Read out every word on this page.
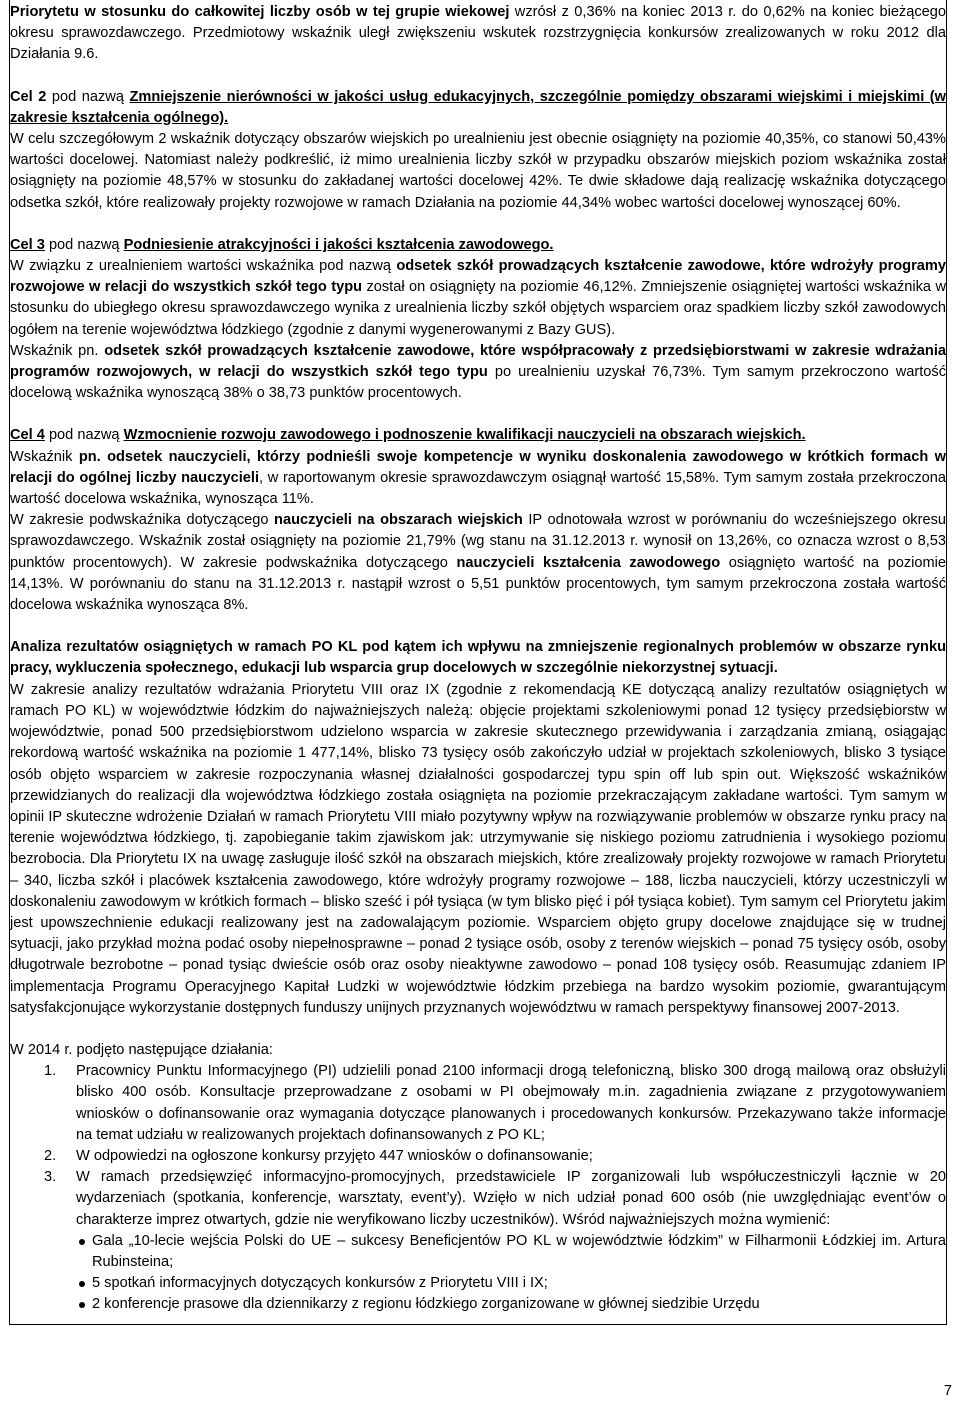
Priorytetu w stosunku do całkowitej liczby osób w tej grupie wiekowej wzrósł z 0,36% na koniec 2013 r. do 0,62% na koniec bieżącego okresu sprawozdawczego. Przedmiotowy wskaźnik uległ zwiększeniu wskutek rozstrzygnięcia konkursów zrealizowanych w roku 2012 dla Działania 9.6.

Cel 2 pod nazwą Zmniejszenie nierówności w jakości usług edukacyjnych, szczególnie pomiędzy obszarami wiejskimi i miejskimi (w zakresie kształcenia ogólnego).

W celu szczegółowym 2 wskaźnik dotyczący obszarów wiejskich po urealnieniu jest obecnie osiągnięty na poziomie 40,35%, co stanowi 50,43% wartości docelowej. Natomiast należy podkreślić, iż mimo urealnienia liczby szkół w przypadku obszarów miejskich poziom wskaźnika został osiągnięty na poziomie 48,57% w stosunku do zakładanej wartości docelowej 42%. Te dwie składowe dają realizację wskaźnika dotyczącego odsetka szkół, które realizowały projekty rozwojowe w ramach Działania na poziomie 44,34% wobec wartości docelowej wynoszącej 60%.

Cel 3 pod nazwą Podniesienie atrakcyjności i jakości kształcenia zawodowego.

W związku z urealnieniem wartości wskaźnika pod nazwą odsetek szkół prowadzących kształcenie zawodowe, które wdrożyły programy rozwojowe w relacji do wszystkich szkół tego typu został on osiągnięty na poziomie 46,12%. Zmniejszenie osiągniętej wartości wskaźnika w stosunku do ubiegłego okresu sprawozdawczego wynika z urealnienia liczby szkół objętych wsparciem oraz spadkiem liczby szkół zawodowych ogółem na terenie województwa łódzkiego (zgodnie z danymi wygenerowanymi z Bazy GUS).

Wskaźnik pn. odsetek szkół prowadzących kształcenie zawodowe, które współpracowały z przedsiębiorstwami w zakresie wdrażania programów rozwojowych, w relacji do wszystkich szkół tego typu po urealnieniu uzyskał 76,73%. Tym samym przekroczono wartość docelową wskaźnika wynoszącą 38% o 38,73 punktów procentowych.

Cel 4 pod nazwą Wzmocnienie rozwoju zawodowego i podnoszenie kwalifikacji nauczycieli na obszarach wiejskich.

Wskaźnik pn. odsetek nauczycieli, którzy podnieśli swoje kompetencje w wyniku doskonalenia zawodowego w krótkich formach w relacji do ogólnej liczby nauczycieli, w raportowanym okresie sprawozdawczym osiągnął wartość 15,58%. Tym samym została przekroczona wartość docelowa wskaźnika, wynosząca 11%.

W zakresie podwskaźnika dotyczącego nauczycieli na obszarach wiejskich IP odnotowała wzrost w porównaniu do wcześniejszego okresu sprawozdawczego. Wskaźnik został osiągnięty na poziomie 21,79% (wg stanu na 31.12.2013 r. wynosił on 13,26%, co oznacza wzrost o 8,53 punktów procentowych). W zakresie podwskaźnika dotyczącego nauczycieli kształcenia zawodowego osiągnięto wartość na poziomie 14,13%. W porównaniu do stanu na 31.12.2013 r. nastąpił wzrost o 5,51 punktów procentowych, tym samym przekroczona została wartość docelowa wskaźnika wynosząca 8%.

Analiza rezultatów osiągniętych w ramach PO KL pod kątem ich wpływu na zmniejszenie regionalnych problemów w obszarze rynku pracy, wykluczenia społecznego, edukacji lub wsparcia grup docelowych w szczególnie niekorzystnej sytuacji.

W zakresie analizy rezultatów wdrażania Priorytetu VIII oraz IX (zgodnie z rekomendacją KE dotyczącą analizy rezultatów osiągniętych w ramach PO KL) w województwie łódzkim do najważniejszych należą: objęcie projektami szkoleniowymi ponad 12 tysięcy przedsiębiorstw w województwie, ponad 500 przedsiębiorstwom udzielono wsparcia w zakresie skutecznego przewidywania i zarządzania zmianą, osiągając rekordową wartość wskaźnika na poziomie 1 477,14%, blisko 73 tysięcy osób zakończyło udział w projektach szkoleniowych, blisko 3 tysiące osób objęto wsparciem w zakresie rozpoczynania własnej działalności gospodarczej typu spin off lub spin out. Większość wskaźników przewidzianych do realizacji dla województwa łódzkiego została osiągnięta na poziomie przekraczającym zakładane wartości. Tym samym w opinii IP skuteczne wdrożenie Działań w ramach Priorytetu VIII miało pozytywny wpływ na rozwiązywanie problemów w obszarze rynku pracy na terenie województwa łódzkiego, tj. zapobieganie takim zjawiskom jak: utrzymywanie się niskiego poziomu zatrudnienia i wysokiego poziomu bezrobocia. Dla Priorytetu IX na uwagę zasługuje ilość szkół na obszarach miejskich, które zrealizowały projekty rozwojowe w ramach Priorytetu – 340, liczba szkół i placówek kształcenia zawodowego, które wdrożyły programy rozwojowe – 188, liczba nauczycieli, którzy uczestniczyli w doskonaleniu zawodowym w krótkich formach – blisko sześć i pół tysiąca (w tym blisko pięć i pół tysiąca kobiet). Tym samym cel Priorytetu jakim jest upowszechnienie edukacji realizowany jest na zadowalającym poziomie. Wsparciem objęto grupy docelowe znajdujące się w trudnej sytuacji, jako przykład można podać osoby niepełnosprawne – ponad 2 tysiące osób, osoby z terenów wiejskich – ponad 75 tysięcy osób, osoby długotrwale bezrobotne – ponad tysiąc dwieście osób oraz osoby nieaktywne zawodowo – ponad 108 tysięcy osób. Reasumując zdaniem IP implementacja Programu Operacyjnego Kapitał Ludzki w województwie łódzkim przebiega na bardzo wysokim poziomie, gwarantującym satysfakcjonujące wykorzystanie dostępnych funduszy unijnych przyznanych województwu w ramach perspektywy finansowej 2007-2013.

W 2014 r. podjęto następujące działania:

1. Pracownicy Punktu Informacyjnego (PI) udzielili ponad 2100 informacji drogą telefoniczną, blisko 300 drogą mailową oraz obsłużyli blisko 400 osób. Konsultacje przeprowadzane z osobami w PI obejmowały m.in. zagadnienia związane z przygotowywaniem wniosków o dofinansowanie oraz wymagania dotyczące planowanych i procedowanych konkursów. Przekazywano także informacje na temat udziału w realizowanych projektach dofinansowanych z PO KL;
2. W odpowiedzi na ogłoszone konkursy przyjęto 447 wniosków o dofinansowanie;
3. W ramach przedsięwzięć informacyjno-promocyjnych, przedstawiciele IP zorganizowali lub współuczestniczyli łącznie w 20 wydarzeniach (spotkania, konferencje, warsztaty, event’y). Wzięło w nich udział ponad 600 osób (nie uwzględniając event’ów o charakterze imprez otwartych, gdzie nie weryfikowano liczby uczestników). Wśród najważniejszych można wymienić:
Gala „10-lecie wejścia Polski do UE – sukcesy Beneficjentów PO KL w województwie łódzkim” w Filharmonii Łódzkiej im. Artura Rubinsteina;
5 spotkań informacyjnych dotyczących konkursów z Priorytetu VIII i IX;
2 konferencje prasowe dla dziennikarzy z regionu łódzkiego zorganizowane w głównej siedzibie Urzędu
7
